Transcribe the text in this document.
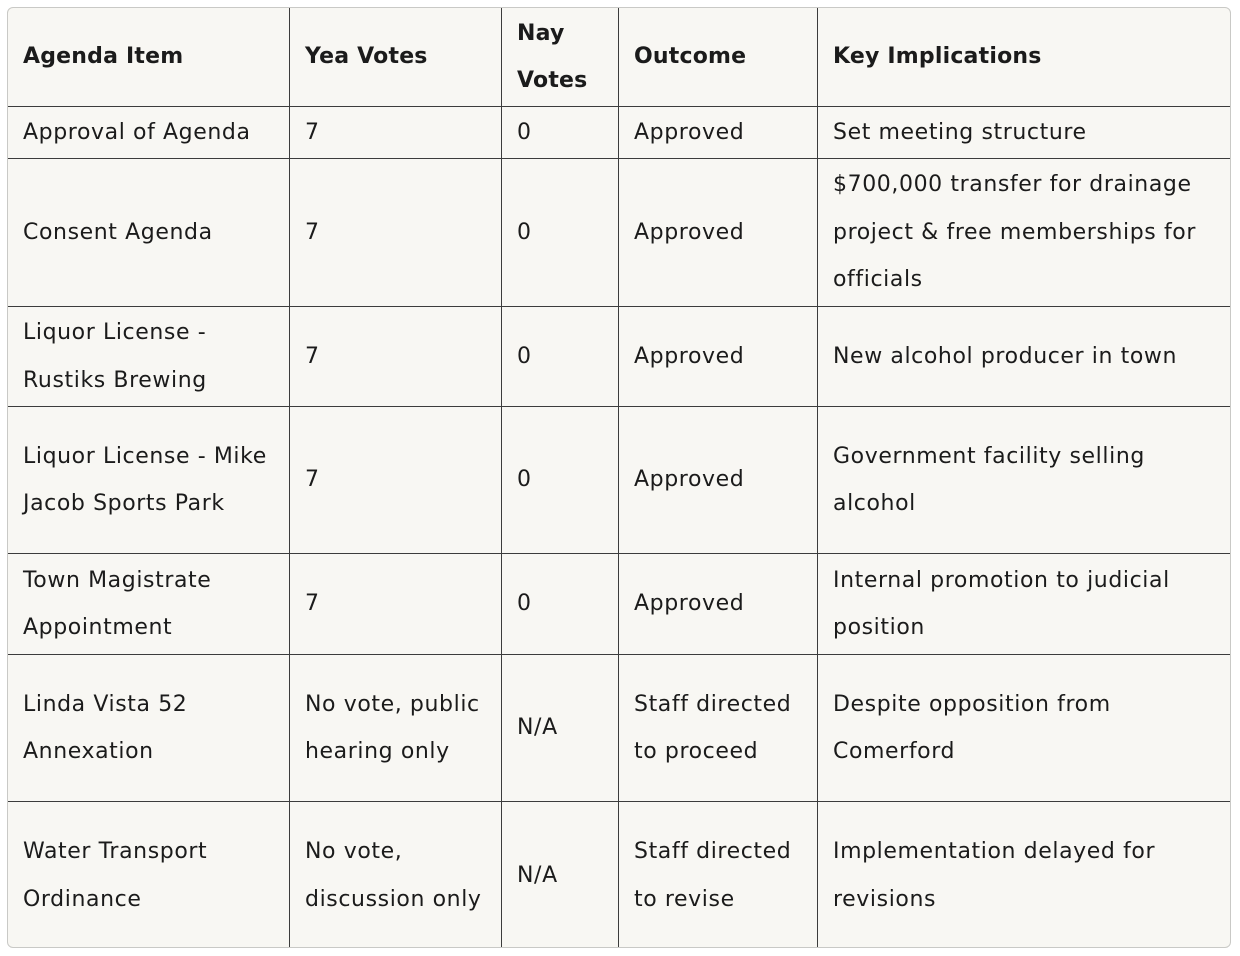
Agenda Item	Yea Votes	Nay Votes	Outcome	Key Implications
Approval of Agenda	7	0	Approved	Set meeting structure
Consent Agenda	7	0	Approved	$700,000 transfer for drainage project & free memberships for officials
Liquor License - Rustiks Brewing	7	0	Approved	New alcohol producer in town
Liquor License - Mike Jacob Sports Park	7	0	Approved	Government facility selling alcohol
Town Magistrate Appointment	7	0	Approved	Internal promotion to judicial position
Linda Vista 52 Annexation	No vote, public hearing only	N/A	Staff directed to proceed	Despite opposition from Comerford
Water Transport Ordinance	No vote, discussion only	N/A	Staff directed to revise	Implementation delayed for revisions
